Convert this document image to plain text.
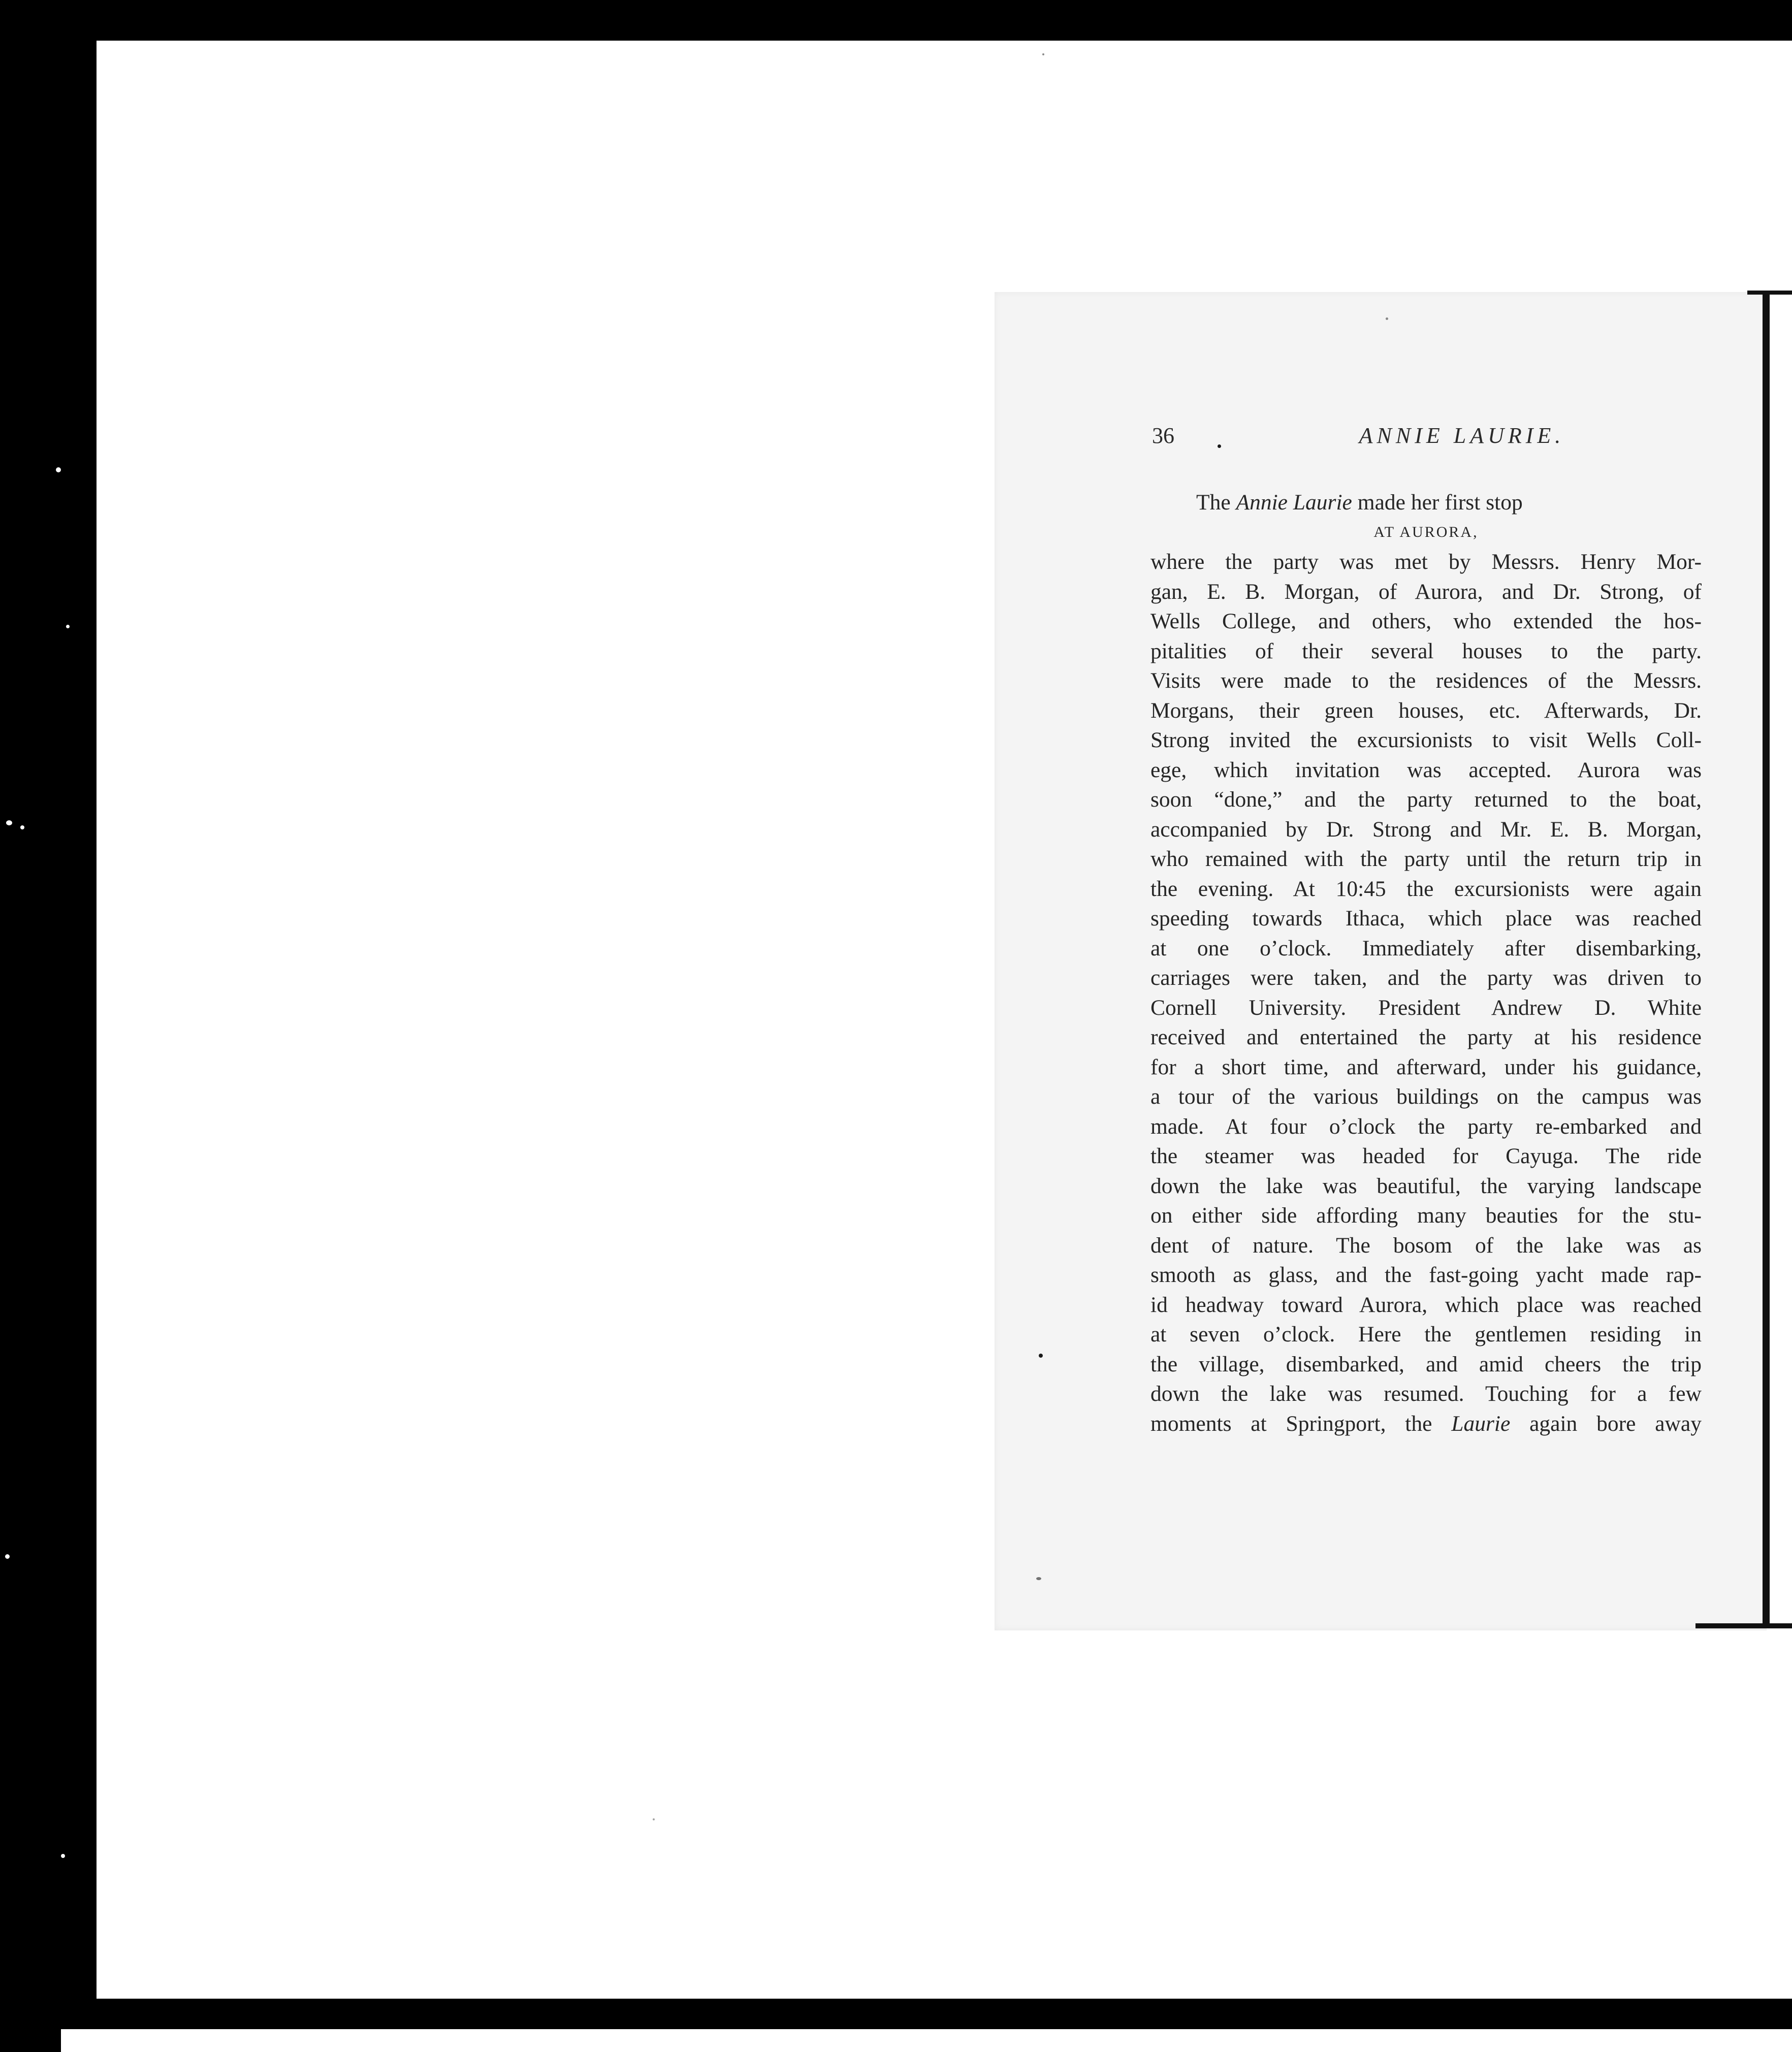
36	ANNIE LAURIE.
The Annie Laurie made her first stop
AT AURORA,
where the party was met by Messrs. Henry Mor-
gan, E. B. Morgan, of Aurora, and Dr. Strong, of
Wells College, and others, who extended the hos-
pitalities of their several houses to the party.
Visits were made to the residences of the Messrs.
Morgans, their green houses, etc. Afterwards, Dr.
Strong invited the excursionists to visit Wells Coll-
ege, which invitation was accepted. Aurora was
soon “done,” and the party returned to the boat,
accompanied by Dr. Strong and Mr. E. B. Morgan,
who remained with the party until the return trip in
the evening. At 10:45 the excursionists were again
speeding towards Ithaca, which place was reached
at one o’clock. Immediately after disembarking,
carriages were taken, and the party was driven to
Cornell University. President Andrew D. White
received and entertained the party at his residence
for a short time, and afterward, under his guidance,
a tour of the various buildings on the campus was
made. At four o’clock the party re-embarked and
the steamer was headed for Cayuga. The ride
down the lake was beautiful, the varying landscape
on either side affording many beauties for the stu-
dent of nature. The bosom of the lake was as
smooth as glass, and the fast-going yacht made rap-
id headway toward Aurora, which place was reached
at seven o’clock. Here the gentlemen residing in
the village, disembarked, and amid cheers the trip
down the lake was resumed. Touching for a few
moments at Springport, the Laurie again bore away
